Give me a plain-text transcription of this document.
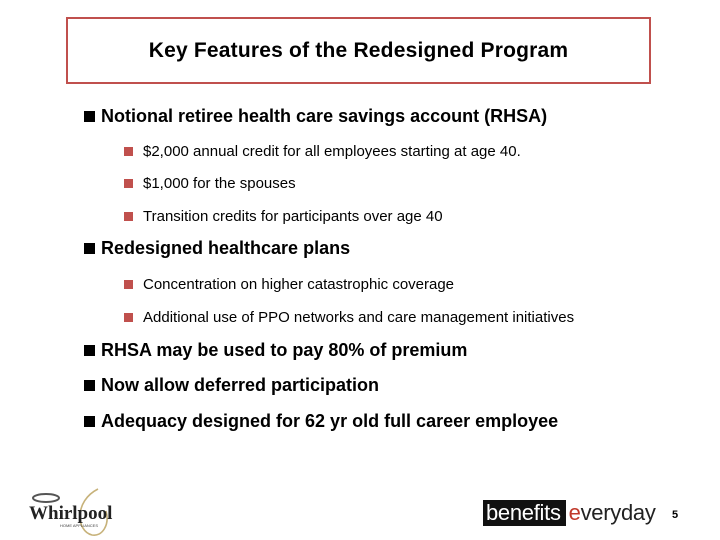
Key Features of the Redesigned Program
Notional retiree health care savings account (RHSA)
$2,000 annual credit for all employees starting at age 40.
$1,000 for the spouses
Transition credits for participants over age 40
Redesigned healthcare plans
Concentration on higher catastrophic coverage
Additional use of PPO networks and care management initiatives
RHSA may be used to pay 80% of premium
Now allow deferred participation
Adequacy designed for 62 yr old full career employee
Whirlpool
HOME APPLIANCES
benefits e veryday 5
